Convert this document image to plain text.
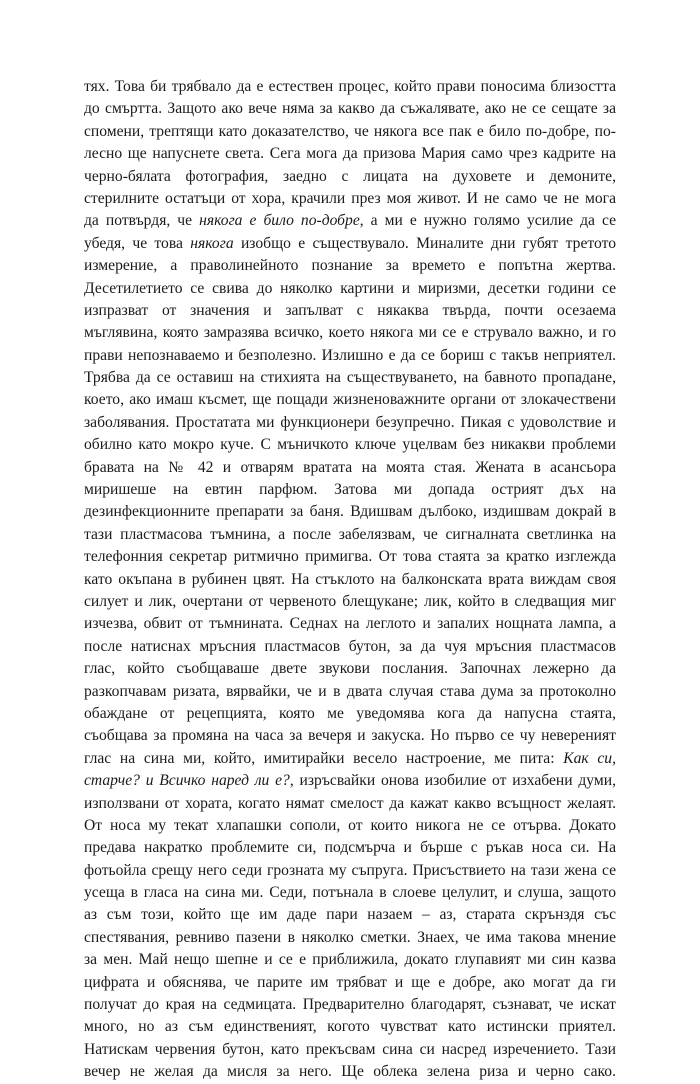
тях. Това би трябвало да е естествен процес, който прави поносима близостта
до смъртта. Защото ако вече няма за какво да съжалявате, ако не се сещате за
спомени, трептящи като доказателство, че някога все пак е било по-добре, по-
лесно ще напуснете света. Сега мога да призова Мария само чрез кадрите на
черно-бялата фотография, заедно с лицата на духовете и демоните,
стерилните остатъци от хора, крачили през моя живот. И не само че не мога
да потвърдя, че някога е било по-добре, а ми е нужно голямо усилие да се
убедя, че това някога изобщо е съществувало. Миналите дни губят третото
измерение, а праволинейното познание за времето е попътна жертва.
Десетилетието се свива до няколко картини и миризми, десетки години се
изпразват от значения и запълват с някаква твърда, почти осезаема
мъглявина, която замразява всичко, което някога ми се е струвало важно, и го
прави непознаваемо и безполезно. Излишно е да се бориш с такъв неприятел.
Трябва да се оставиш на стихията на съществуването, на бавното пропадане,
което, ако имаш късмет, ще пощади жизненоважните органи от злокачествени
заболявания. Простатата ми функционери безупречно. Пикая с удоволствие и
обилно като мокро куче. С мъничкото ключе уцелвам без никакви проблеми
бравата на № 42 и отварям вратата на моята стая. Жената в асансьора
миришеше на евтин парфюм. Затова ми допада острият дъх на
дезинфекционните препарати за баня. Вдишвам дълбоко, издишвам докрай в
тази пластмасова тъмнина, а после забелязвам, че сигналната светлинка на
телефонния секретар ритмично примигва. От това стаята за кратко изглежда
като окъпана в рубинен цвят. На стъклото на балконската врата виждам своя
силует и лик, очертани от червеното блещукане; лик, който в следващия миг
изчезва, обвит от тъмнината. Седнах на леглото и запалих нощната лампа, а
после натиснах мръсния пластмасов бутон, за да чуя мръсния пластмасов
глас, който съобщаваше двете звукови послания. Започнах лежерно да
разкопчавам ризата, вярвайки, че и в двата случая става дума за протоколно
обаждане от рецепцията, която ме уведомява кога да напусна стаята,
съобщава за промяна на часа за вечеря и закуска. Но първо се чу невереният
глас на сина ми, който, имитирайки весело настроение, ме пита: Как си,
старче? и Всичко наред ли е?, изръсвайки онова изобилие от изхабени думи,
използвани от хората, когато нямат смелост да кажат какво всъщност желаят.
От носа му текат хлапашки сополи, от които никога не се отърва. Докато
предава накратко проблемите си, подсмърча и бърше с ръкав носа си. На
фотьойла срещу него седи грозната му съпруга. Присъствието на тази жена се
усеща в гласа на сина ми. Седи, потънала в слоеве целулит, и слуша, защото
аз съм този, който ще им даде пари назаем – аз, старата скрънздя със
спестявания, ревниво пазени в няколко сметки. Знаех, че има такова мнение
за мен. Май нещо шепне и се е приближила, докато глупавият ми син казва
цифрата и обяснява, че парите им трябват и ще е добре, ако могат да ги
получат до края на седмицата. Предварително благодарят, съзнават, че искат
много, но аз съм единственият, когото чувстват като истински приятел.
Натискам червения бутон, като прекъсвам сина си насред изречението. Тази
вечер не желая да мисля за него. Ще облека зелена риза и черно сако.
